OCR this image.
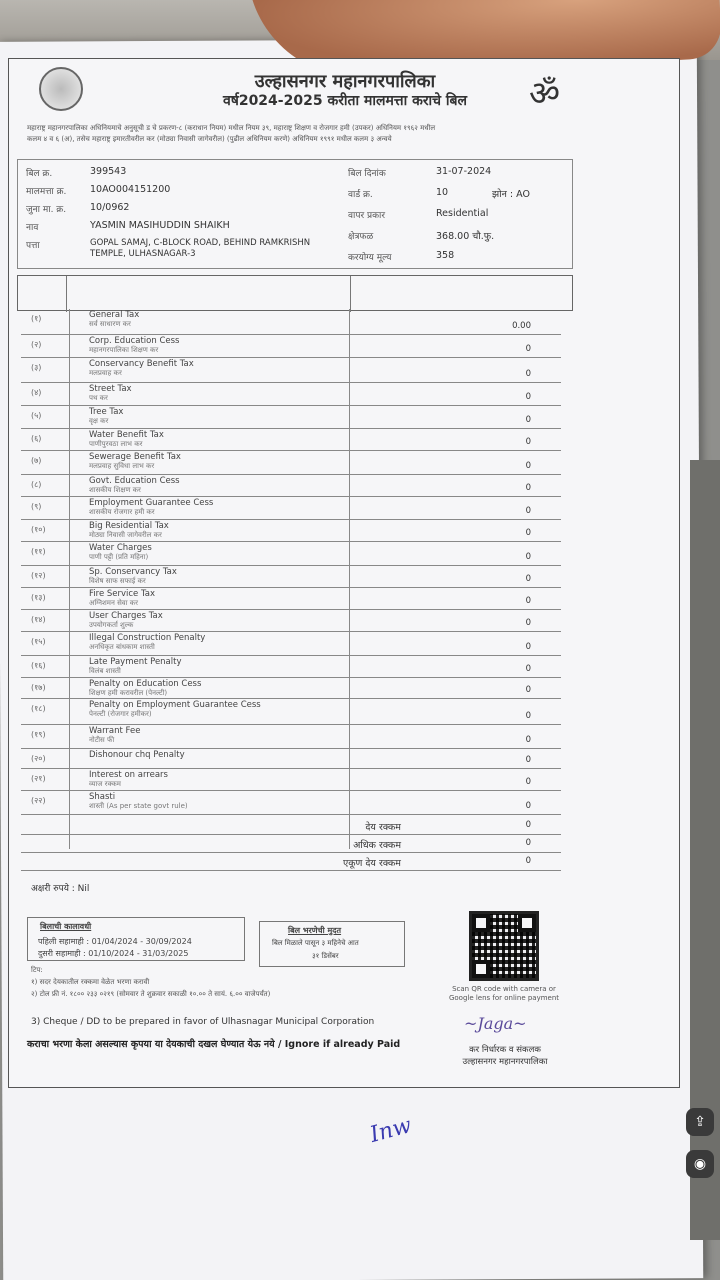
ॐ
उल्हासनगर महानगरपालिका
वर्ष2024-2025 करीता मालमत्ता कराचे बिल
महाराष्ट्र महानगरपालिका अधिनियमाचे अनुसूची ड चे प्रकरण-८ (कराधान नियम) मधील नियम ३९, महाराष्ट्र शिक्षण व रोजगार हमी (उपकर) अधिनियम १९६२ मधील
कलम ४ व ६ (अ), तसेच महाराष्ट्र इमारतीवरील कर (मोठ्या निवासी जागेवरील) (पुढील अधिनियम करणे) अधिनियम १९९१ मधील कलम ३ अन्वये
बिल क्र.	399543
मालमत्ता क्र. 10AO004151200
जुना मा. क्र.	10/0962
नाव	YASMIN MASIHUDDIN SHAIKH
पत्ता	GOPAL SAMAJ, C-BLOCK ROAD, BEHIND RAMKRISHN
TEMPLE, ULHASNAGAR-3
बिल दिनांक	31-07-2024
वार्ड क्र.	10	झोन : AO
वापर प्रकार	Residential
क्षेत्रफळ	368.00 चौ.फु.
करयोग्य मूल्य	358
(१)	General Tax
सर्व साधारण कर	0.00
(२)	Corp. Education Cess
महानगरपालिका शिक्षण कर	0
(३)	Conservancy Benefit Tax
मलप्रवाह कर	0
(४)	Street Tax
पथ कर	0
(५)	Tree Tax
वृक्ष कर	0
(६)	Water Benefit Tax
पाणीपुरवठा लाभ कर	0
(७)	Sewerage Benefit Tax
मलप्रवाह सुविधा लाभ कर	0
(८)	Govt. Education Cess
शासकीय शिक्षण कर	0
(९)	Employment Guarantee Cess
शासकीय रोजगार हमी कर	0
(१०)	Big Residential Tax
मोठ्या निवासी जागेवरील कर	0
(११)	Water Charges
पाणी पट्टी (प्रति महिना)	0
(१२)	Sp. Conservancy Tax
विशेष साफ सफाई कर	0
(१३)	Fire Service Tax
अग्निशमन सेवा कर	0
(१४)	User Charges Tax
उपयोगकर्ता शुल्क	0
(१५)	Illegal Construction Penalty
अनधिकृत बांधकाम शास्ती	0
(१६)	Late Payment Penalty
विलंब शास्ती	0
(१७)	Penalty on Education Cess
शिक्षण हमी करावरील (पेनल्टी)	0
(१८)	Penalty on Employment Guarantee Cess
पेनल्टी (रोजगार हमीकर)	0
(१९)	Warrant Fee
नोटीस फी	0
(२०)	Dishonour chq Penalty	0
(२१)	Interest on arrears
व्याज रक्कम	0
(२२)	Shasti
शास्ती (As per state govt rule)	0
देय रक्कम	0
अधिक रक्कम	0
एकूण देय रक्कम	0
अक्षरी रुपये : Nil
बिलाची कालावधी
पहिली सहामाही : 01/04/2024 - 30/09/2024
दुसरी सहामाही : 01/10/2024 - 31/03/2025
बिल भरणेची मुदत
बिल मिळाले पासून ३ महिनेचे आत
३१ डिसेंबर
Scan QR code with camera or Google lens for online payment
टिप:
१) सदर देयकातील रक्कमा वेळेत भरणा करावी
२) टोल फ्री नं. १८०० २३३ ०२१९ (सोमवार ते शुक्रवार सकाळी १०.०० ते सायं. ६.०० वाजेपर्यंत)
3) Cheque / DD to be prepared in favor of Ulhasnagar Municipal Corporation
कराचा भरणा केला असल्यास कृपया या देयकाची दखल घेण्यात येऊ नये / Ignore if already Paid
~Jaga~
कर निर्धारक व संकलक
उल्हासनगर महानगरपालिका
Inw	⇪
◉
